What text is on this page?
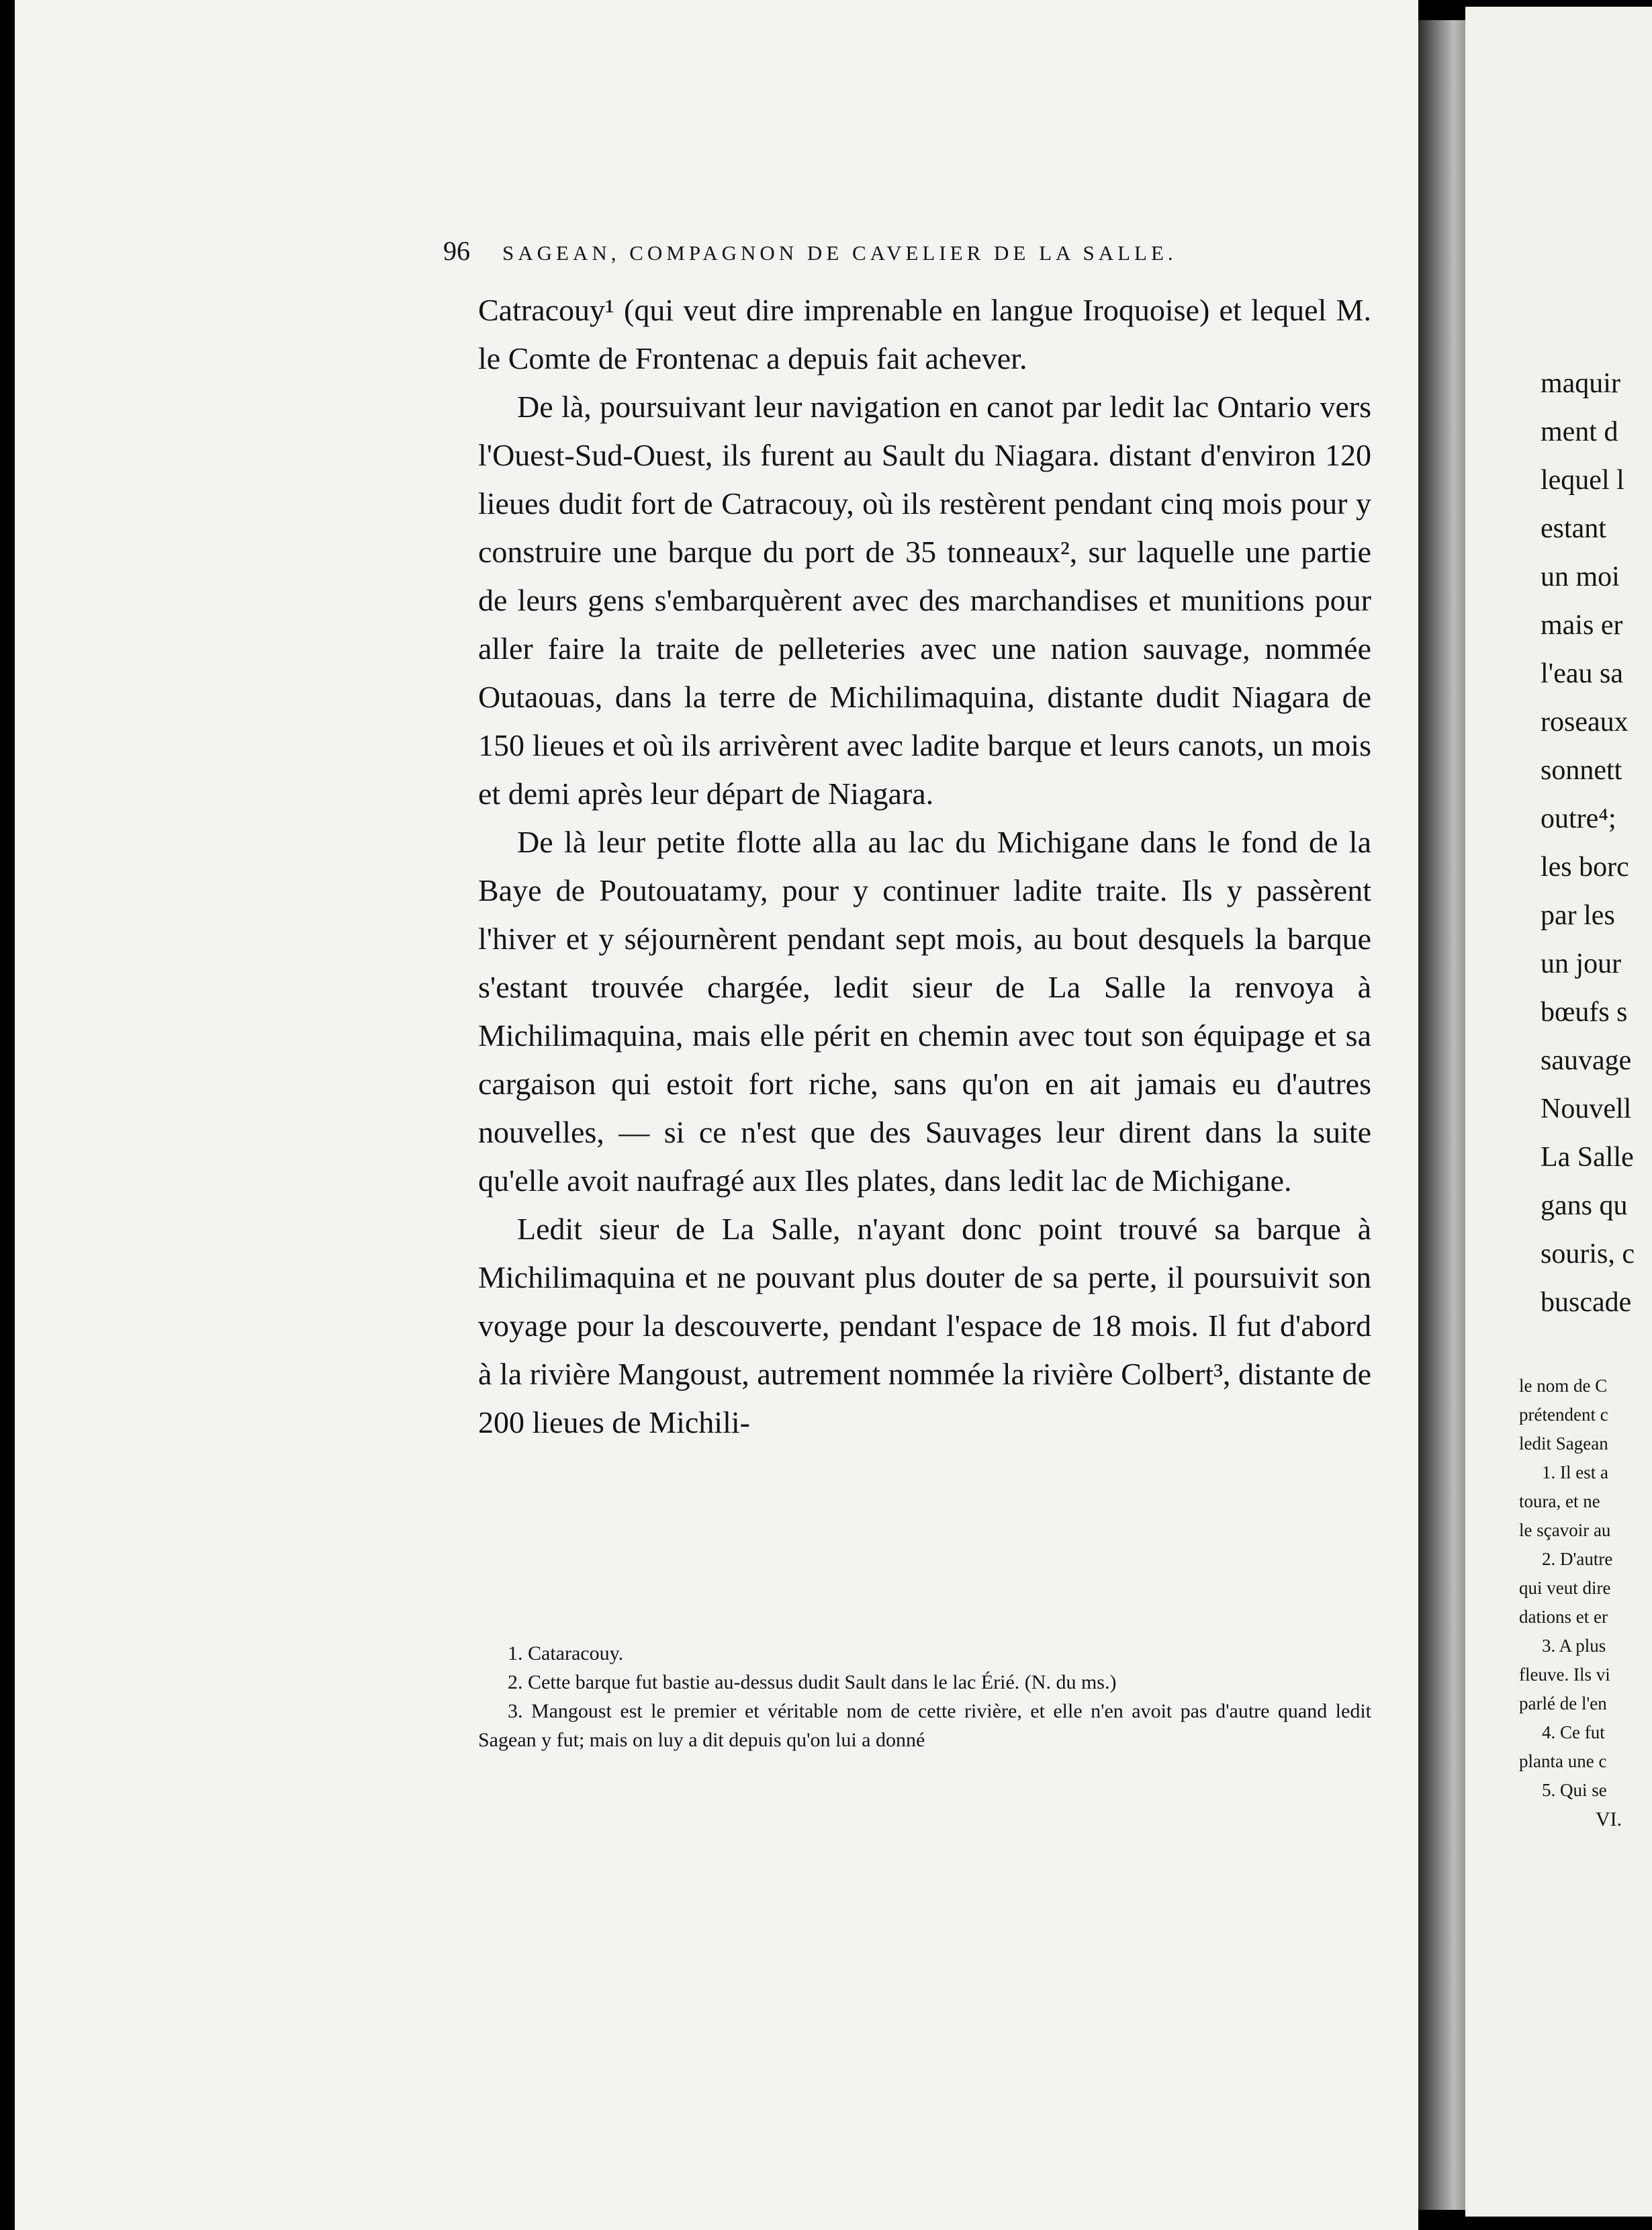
96 SAGEAN, COMPAGNON DE CAVELIER DE LA SALLE.

Catracouy¹ (qui veut dire imprenable en langue Iroquoise) et lequel M. le Comte de Frontenac a depuis fait achever.

De là, poursuivant leur navigation en canot par ledit lac Ontario vers l'Ouest-Sud-Ouest, ils furent au Sault du Niagara. distant d'environ 120 lieues dudit fort de Catracouy, où ils restèrent pendant cinq mois pour y construire une barque du port de 35 tonneaux², sur laquelle une partie de leurs gens s'embarquèrent avec des marchandises et munitions pour aller faire la traite de pelleteries avec une nation sauvage, nommée Outaouas, dans la terre de Michilimaquina, distante dudit Niagara de 150 lieues et où ils arrivèrent avec ladite barque et leurs canots, un mois et demi après leur départ de Niagara.

De là leur petite flotte alla au lac du Michigane dans le fond de la Baye de Poutouatamy, pour y continuer ladite traite. Ils y passèrent l'hiver et y séjournèrent pendant sept mois, au bout desquels la barque s'estant trouvée chargée, ledit sieur de La Salle la renvoya à Michilimaquina, mais elle périt en chemin avec tout son équipage et sa cargaison qui estoit fort riche, sans qu'on en ait jamais eu d'autres nouvelles, — si ce n'est que des Sauvages leur dirent dans la suite qu'elle avoit naufragé aux Iles plates, dans ledit lac de Michigane.

Ledit sieur de La Salle, n'ayant donc point trouvé sa barque à Michilimaquina et ne pouvant plus douter de sa perte, il poursuivit son voyage pour la descouverte, pendant l'espace de 18 mois. Il fut d'abord à la rivière Mangoust, autrement nommée la rivière Colbert³, distante de 200 lieues de Michili-

1. Cataracouy.

2. Cette barque fut bastie au-dessus dudit Sault dans le lac Érié. (N. du ms.)

3. Mangoust est le premier et véritable nom de cette rivière, et elle n'en avoit pas d'autre quand ledit Sagean y fut; mais on luy a dit depuis qu'on lui a donné

maquir
ment d
lequel l
estant
un moi
mais er
l'eau sa
roseaux
sonnett
outre⁴;
les borc
par les
un jour
bœufs s
sauvage
Nouvell
La Salle
gans qu
souris, c
buscade
le nom de C
prétendent c
ledit Sagean
1. Il est a
toura, et ne
le sçavoir au
2. D'autre
qui veut dire
dations et er
3. A plus
fleuve. Ils vi
parlé de l'en
4. Ce fut
planta une c
5. Qui se
VI.
